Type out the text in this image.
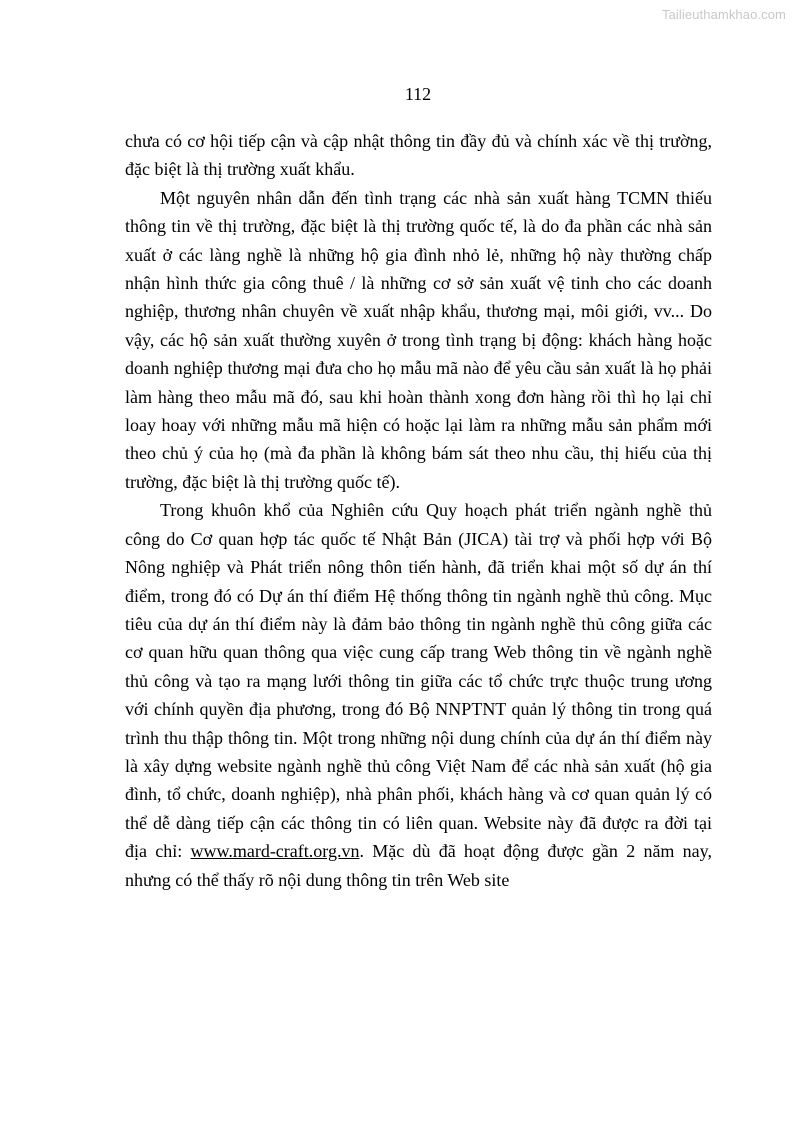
Tailieuthamkhao.com
112

chưa có cơ hội tiếp cận và cập nhật thông tin đầy đủ và chính xác về thị trường, đặc biệt là thị trường xuất khẩu.

Một nguyên nhân dẫn đến tình trạng các nhà sản xuất hàng TCMN thiếu thông tin về thị trường, đặc biệt là thị trường quốc tế, là do đa phần các nhà sản xuất ở các làng nghề là những hộ gia đình nhỏ lẻ, những hộ này thường chấp nhận hình thức gia công thuê / là những cơ sở sản xuất vệ tinh cho các doanh nghiệp, thương nhân chuyên về xuất nhập khẩu, thương mại, môi giới, vv... Do vậy, các hộ sản xuất thường xuyên ở trong tình trạng bị động: khách hàng hoặc doanh nghiệp thương mại đưa cho họ mẫu mã nào để yêu cầu sản xuất là họ phải làm hàng theo mẫu mã đó, sau khi hoàn thành xong đơn hàng rồi thì họ lại chỉ loay hoay với những mẫu mã hiện có hoặc lại làm ra những mẫu sản phẩm mới theo chủ ý của họ (mà đa phần là không bám sát theo nhu cầu, thị hiếu của thị trường, đặc biệt là thị trường quốc tế).

Trong khuôn khổ của Nghiên cứu Quy hoạch phát triển ngành nghề thủ công do Cơ quan hợp tác quốc tế Nhật Bản (JICA) tài trợ và phối hợp với Bộ Nông nghiệp và Phát triển nông thôn tiến hành, đã triển khai một số dự án thí điểm, trong đó có Dự án thí điểm Hệ thống thông tin ngành nghề thủ công. Mục tiêu của dự án thí điểm này là đảm bảo thông tin ngành nghề thủ công giữa các cơ quan hữu quan thông qua việc cung cấp trang Web thông tin về ngành nghề thủ công và tạo ra mạng lưới thông tin giữa các tổ chức trực thuộc trung ương với chính quyền địa phương, trong đó Bộ NNPTNT quản lý thông tin trong quá trình thu thập thông tin. Một trong những nội dung chính của dự án thí điểm này là xây dựng website ngành nghề thủ công Việt Nam để các nhà sản xuất (hộ gia đình, tổ chức, doanh nghiệp), nhà phân phối, khách hàng và cơ quan quản lý có thể dễ dàng tiếp cận các thông tin có liên quan. Website này đã được ra đời tại địa chỉ: www.mard-craft.org.vn. Mặc dù đã hoạt động được gần 2 năm nay, nhưng có thể thấy rõ nội dung thông tin trên Web site
